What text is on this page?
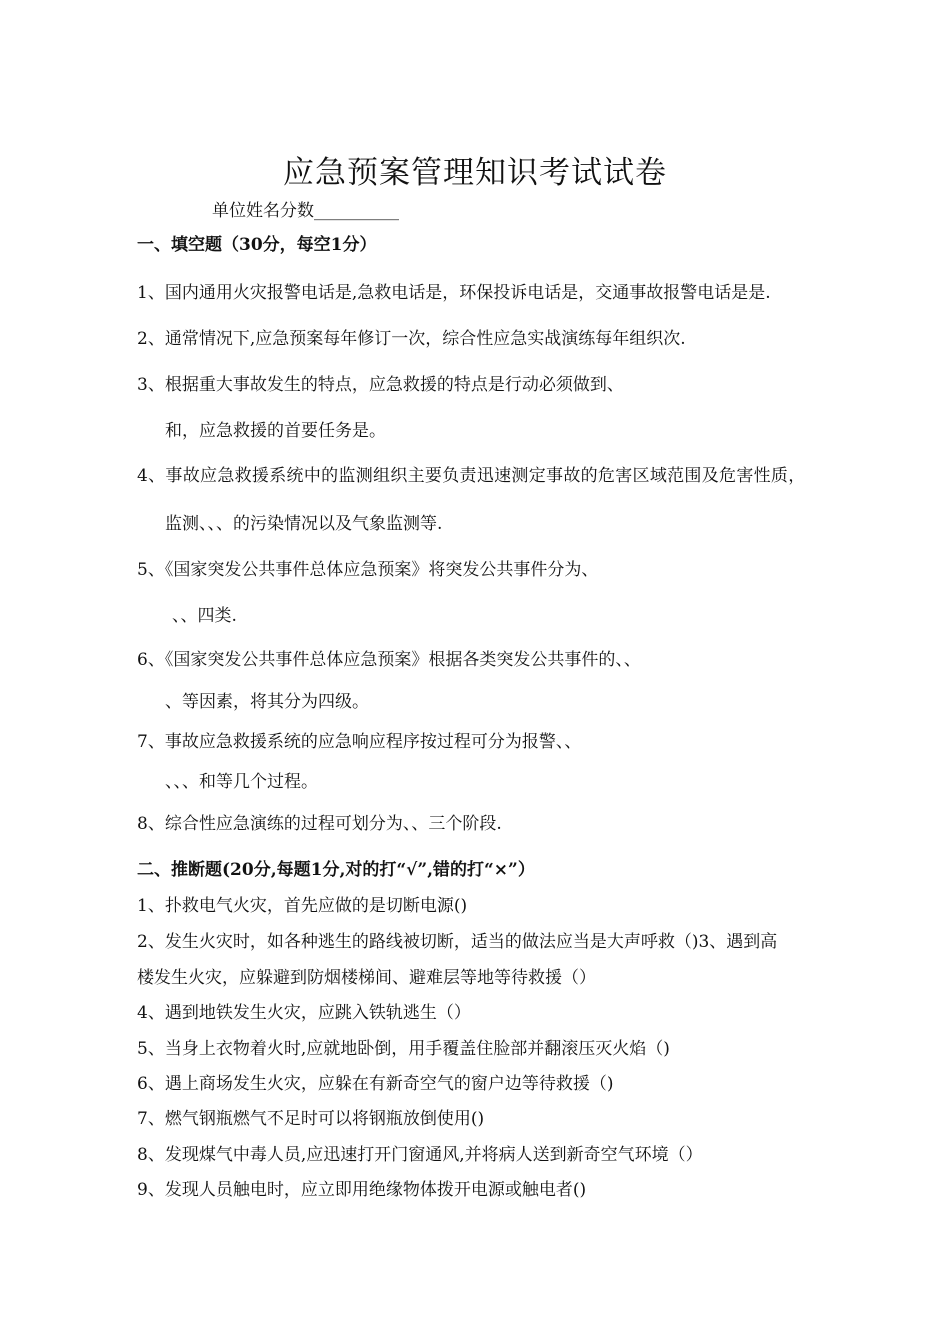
应急预案管理知识考试试卷
单位姓名分数__________
一、填空题（30分，每空1分）
1、国内通用火灾报警电话是,急救电话是，环保投诉电话是，交通事故报警电话是是.
2、通常情况下,应急预案每年修订一次，综合性应急实战演练每年组织次.
3、根据重大事故发生的特点，应急救援的特点是行动必须做到、
和，应急救援的首要任务是。
4、事故应急救援系统中的监测组织主要负责迅速测定事故的危害区域范围及危害性质，
监测、、、的污染情况以及气象监测等.
5、《国家突发公共事件总体应急预案》将突发公共事件分为、
、、四类.
6、《国家突发公共事件总体应急预案》根据各类突发公共事件的、、
、等因素，将其分为四级。
7、事故应急救援系统的应急响应程序按过程可分为报警、、
、、、和等几个过程。
8、综合性应急演练的过程可划分为、、三个阶段.
二、推断题(20分,每题1分,对的打“√”,错的打“×”）
1、扑救电气火灾，首先应做的是切断电源()
2、发生火灾时，如各种逃生的路线被切断，适当的做法应当是大声呼救（)3、遇到高
楼发生火灾，应躲避到防烟楼梯间、避难层等地等待救援（）
4、遇到地铁发生火灾，应跳入铁轨逃生（）
5、当身上衣物着火时,应就地卧倒，用手覆盖住脸部并翻滚压灭火焰（)
6、遇上商场发生火灾，应躲在有新奇空气的窗户边等待救援（)
7、燃气钢瓶燃气不足时可以将钢瓶放倒使用()
8、发现煤气中毒人员,应迅速打开门窗通风,并将病人送到新奇空气环境（）
9、发现人员触电时，应立即用绝缘物体拨开电源或触电者()
